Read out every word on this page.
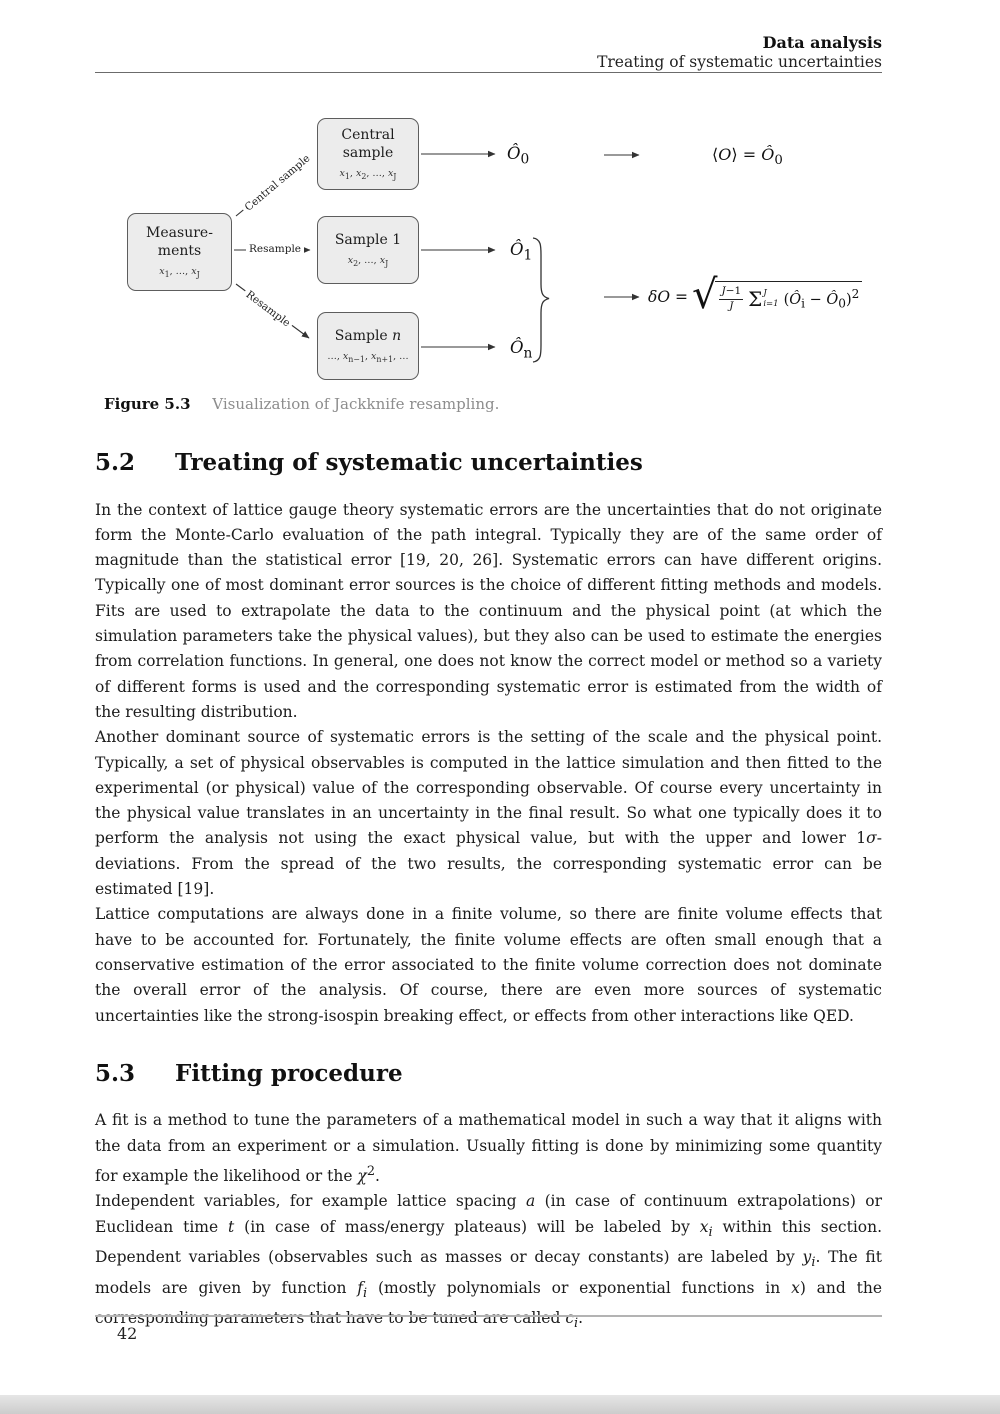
Data analysis
Treating of systematic uncertainties
Measure-
ments
$x_1$, …, $x_J$
Central
sample
$x_1$, $x_2$, …, $x_J$
Sample 1
$x_2$, …, $x_J$
Sample n
…, $x_{n-1}$, $x_{n+1}$, …
Central sample
Resample
Resample
$Ô_0$
$Ô_1$
$Ô_n$
⟨O⟩ = $Ô_0$
δO = √ $\frac{J-1}{J}$ Σ J
i=1 ($Ô_i$ − $Ô_0)^2$
Figure 5.3 Visualization of Jackknife resampling.
5.2	Treating of systematic uncertainties

In the context of lattice gauge theory systematic errors are the uncertainties that do not originate form the Monte-Carlo evaluation of the path integral. Typically they are of the same order of magnitude than the statistical error [19, 20, 26]. Systematic errors can have different origins. Typically one of most dominant error sources is the choice of different fitting methods and models. Fits are used to extrapolate the data to the continuum and the physical point (at which the simulation parameters take the physical values), but they also can be used to estimate the energies from correlation functions. In general, one does not know the correct model or method so a variety of different forms is used and the corresponding systematic error is estimated from the width of the resulting distribution.

Another dominant source of systematic errors is the setting of the scale and the physical point. Typically, a set of physical observables is computed in the lattice simulation and then fitted to the experimental (or physical) value of the corresponding observable. Of course every uncertainty in the physical value translates in an uncertainty in the final result. So what one typically does it to perform the analysis not using the exact physical value, but with the upper and lower 1σ-deviations. From the spread of the two results, the corresponding systematic error can be estimated [19].

Lattice computations are always done in a finite volume, so there are finite volume effects that have to be accounted for. Fortunately, the finite volume effects are often small enough that a conservative estimation of the error associated to the finite volume correction does not dominate the overall error of the analysis. Of course, there are even more sources of systematic uncertainties like the strong-isospin breaking effect, or effects from other interactions like QED.

5.3	Fitting procedure

A fit is a method to tune the parameters of a mathematical model in such a way that it aligns with the data from an experiment or a simulation. Usually fitting is done by minimizing some quantity for example the likelihood or the $\chi^2$.

Independent variables, for example lattice spacing a (in case of continuum extrapolations) or Euclidean time t (in case of mass/energy plateaus) will be labeled by $x_i$ within this section. Dependent variables (observables such as masses or decay constants) are labeled by $y_i$. The fit models are given by function $f_i$ (mostly polynomials or exponential functions in x) and the corresponding parameters that have to be tuned are called $c_i$.

42
